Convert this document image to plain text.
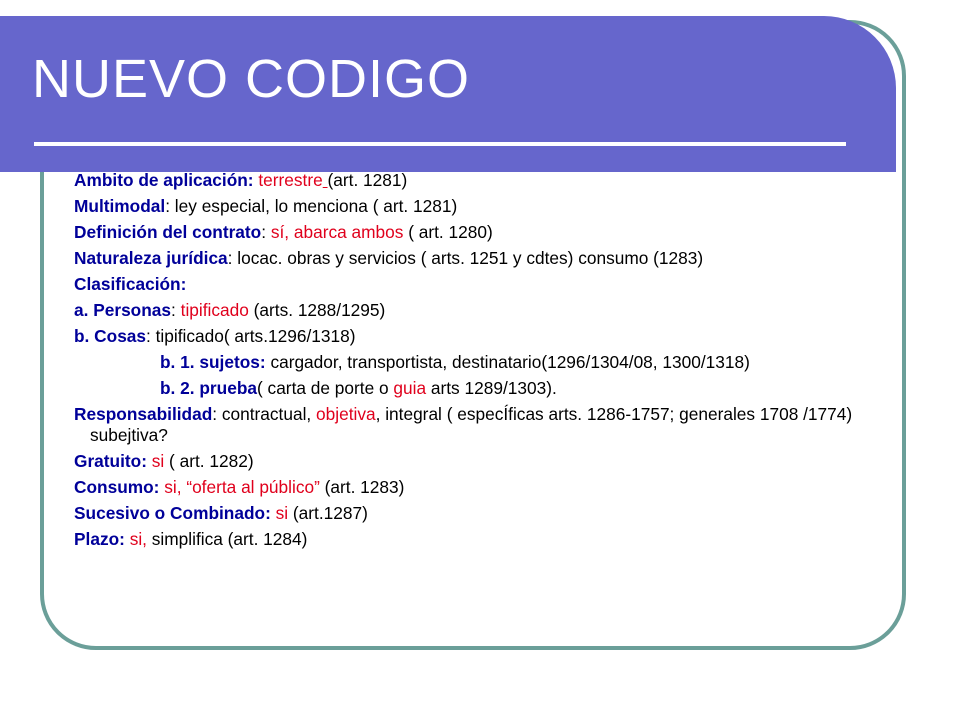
NUEVO CODIGO
Ambito de aplicación: terrestre (art. 1281)
Multimodal: ley especial, lo menciona ( art. 1281)
Definición del contrato: sí, abarca ambos ( art. 1280)
Naturaleza jurídica: locac. obras y servicios ( arts. 1251 y cdtes) consumo (1283)
Clasificación:
a. Personas: tipificado (arts. 1288/1295)
b. Cosas: tipificado( arts.1296/1318)
b. 1. sujetos: cargador, transportista, destinatario(1296/1304/08, 1300/1318)
b. 2. prueba( carta de porte o guia arts 1289/1303).
Responsabilidad: contractual, objetiva, integral ( especÍficas arts. 1286-1757; generales 1708 /1774) subejtiva?
Gratuito: si ( art. 1282)
Consumo: si, “oferta al público” (art. 1283)
Sucesivo o Combinado: si (art.1287)
Plazo: si, simplifica (art. 1284)
